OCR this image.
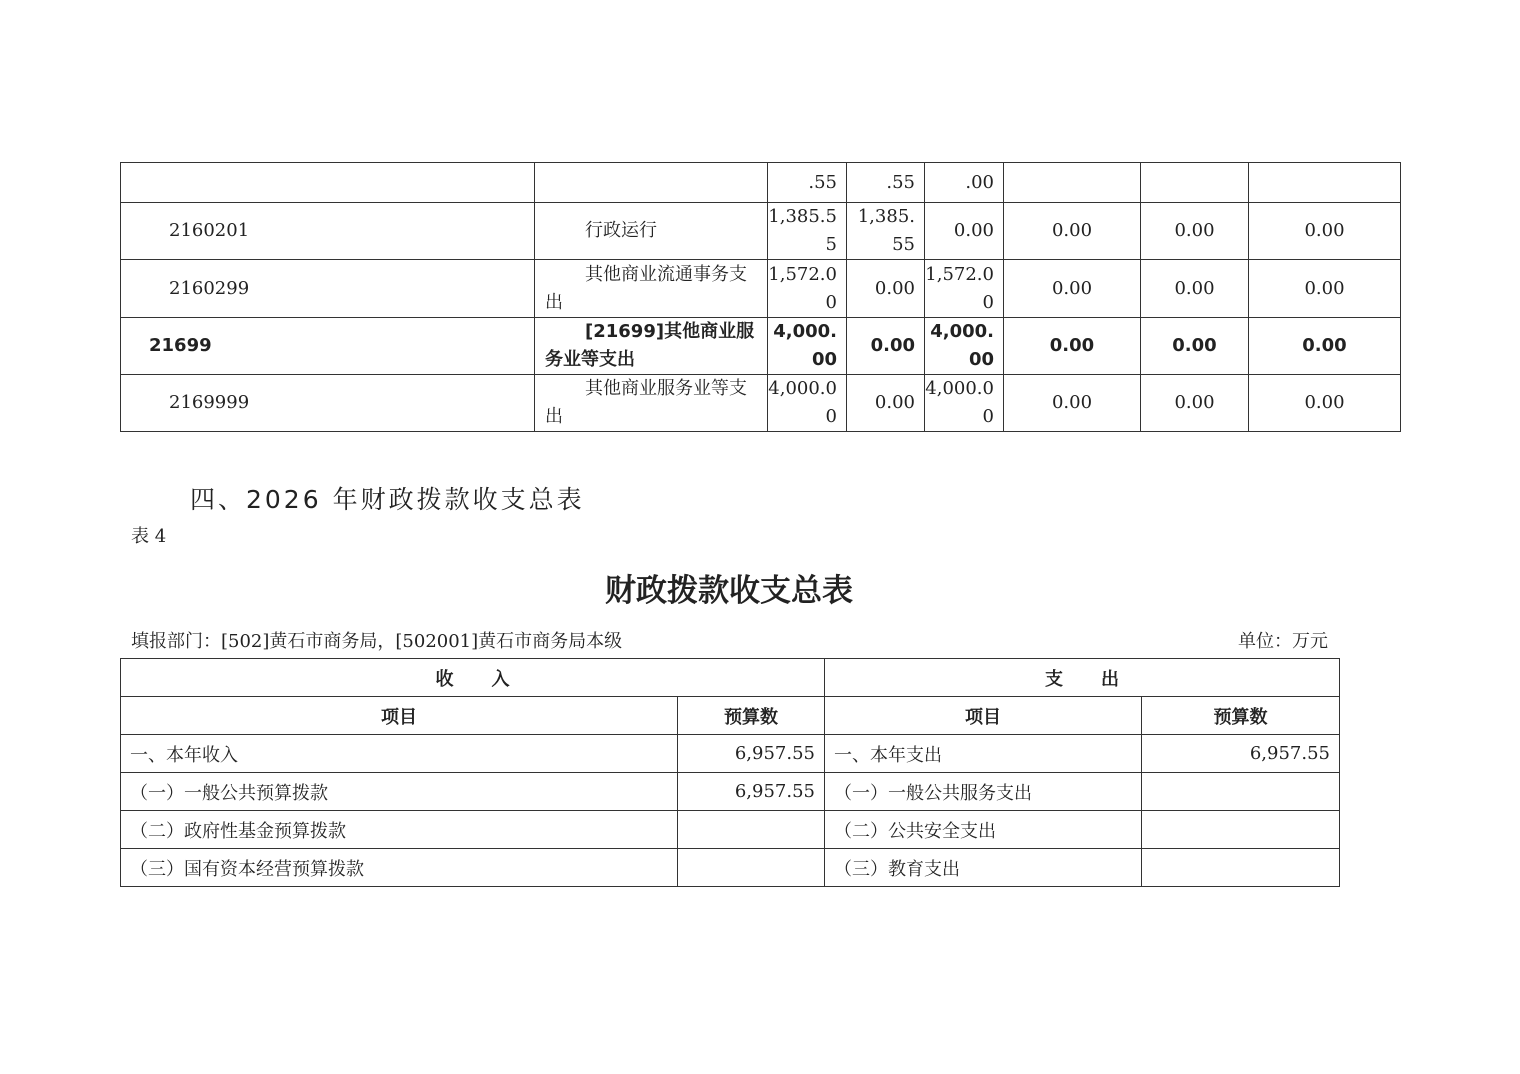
		.55	.55	.00			
2160201	行政运行	1,385.55	1,385.55	0.00	0.00	0.00	0.00
2160299	其他商业流通事务支出	1,572.00	0.00	1,572.00	0.00	0.00	0.00
21699	[21699]其他商业服务业等支出	4,000.00	0.00	4,000.00	0.00	0.00	0.00
2169999	其他商业服务业等支出	4,000.00	0.00	4,000.00	0.00	0.00	0.00
四、2026 年财政拨款收支总表
表 4
财政拨款收支总表
填报部门：[502]黄石市商务局，[502001]黄石市商务局本级	单位：万元
收入		支出	
项目	预算数	项目	预算数
一、本年收入	6,957.55	一、本年支出	6,957.55
（一）一般公共预算拨款	6,957.55	（一）一般公共服务支出	
（二）政府性基金预算拨款		（二）公共安全支出	
（三）国有资本经营预算拨款		（三）教育支出	
